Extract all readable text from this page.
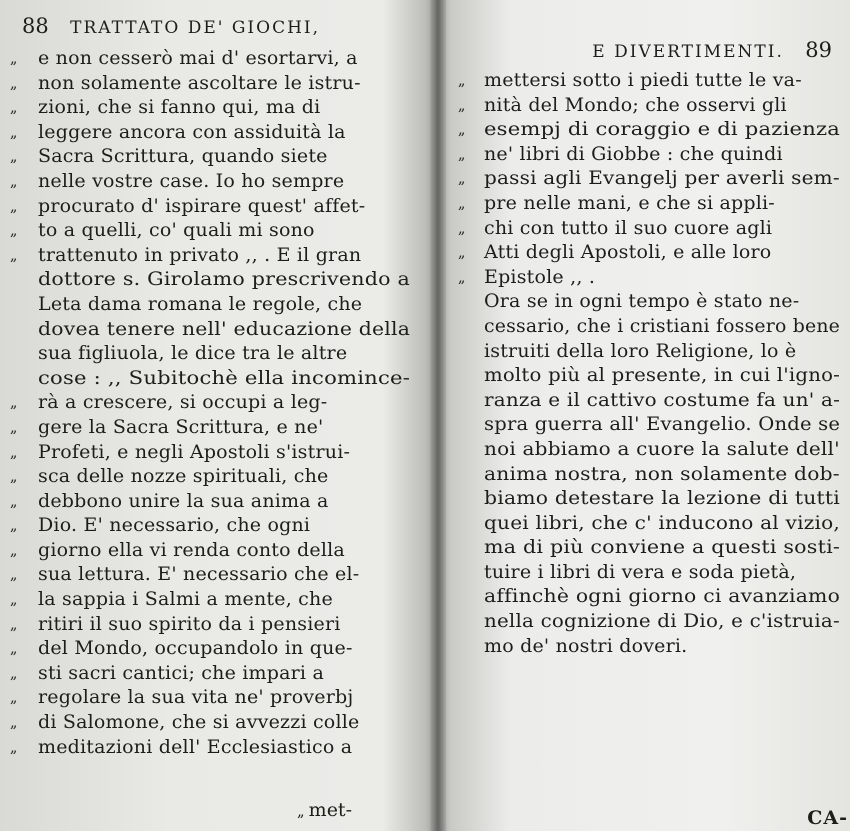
88 TRATTATO DE' GIOCHI,
,, e non cesserò mai d' esortarvi, a
,, non solamente ascoltare le istru-
,, zioni, che si fanno qui, ma di
,, leggere ancora con assiduità la
,, Sacra Scrittura, quando siete
,, nelle vostre case. Io ho sempre
,, procurato d' ispirare quest' affet-
,, to a quelli, co' quali mi sono
,, trattenuto in privato ,, . E il gran
dottore s. Girolamo prescrivendo a
Leta dama romana le regole, che
dovea tenere nell' educazione della
sua figliuola, le dice tra le altre
cose : ,, Subitochè ella incomince-
,, rà a crescere, si occupi a leg-
,, gere la Sacra Scrittura, e ne'
,, Profeti, e negli Apostoli s'istrui-
,, sca delle nozze spirituali, che
,, debbono unire la sua anima a
,, Dio. E' necessario, che ogni
,, giorno ella vi renda conto della
,, sua lettura. E' necessario che el-
,, la sappia i Salmi a mente, che
,, ritiri il suo spirito da i pensieri
,, del Mondo, occupandolo in que-
,, sti sacri cantici; che impari a
,, regolare la sua vita ne' proverbj
,, di Salomone, che si avvezzi colle
,, meditazioni dell' Ecclesiastico a
,, met-
E DIVERTIMENTI. 89
,, mettersi sotto i piedi tutte le va-
,, nità del Mondo; che osservi gli
,, esempj di coraggio e di pazienza
,, ne' libri di Giobbe : che quindi
,, passi agli Evangelj per averli sem-
,, pre nelle mani, e che si appli-
,, chi con tutto il suo cuore agli
,, Atti degli Apostoli, e alle loro
,, Epistole ,, .
Ora se in ogni tempo è stato ne-
cessario, che i cristiani fossero bene
istruiti della loro Religione, lo è
molto più al presente, in cui l'igno-
ranza e il cattivo costume fa un' a-
spra guerra all' Evangelio. Onde se
noi abbiamo a cuore la salute dell'
anima nostra, non solamente dob-
biamo detestare la lezione di tutti
quei libri, che c' inducono al vizio,
ma di più conviene a questi sosti-
tuire i libri di vera e soda pietà,
affinchè ogni giorno ci avanziamo
nella cognizione di Dio, e c'istruia-
mo de' nostri doveri.
CA-
